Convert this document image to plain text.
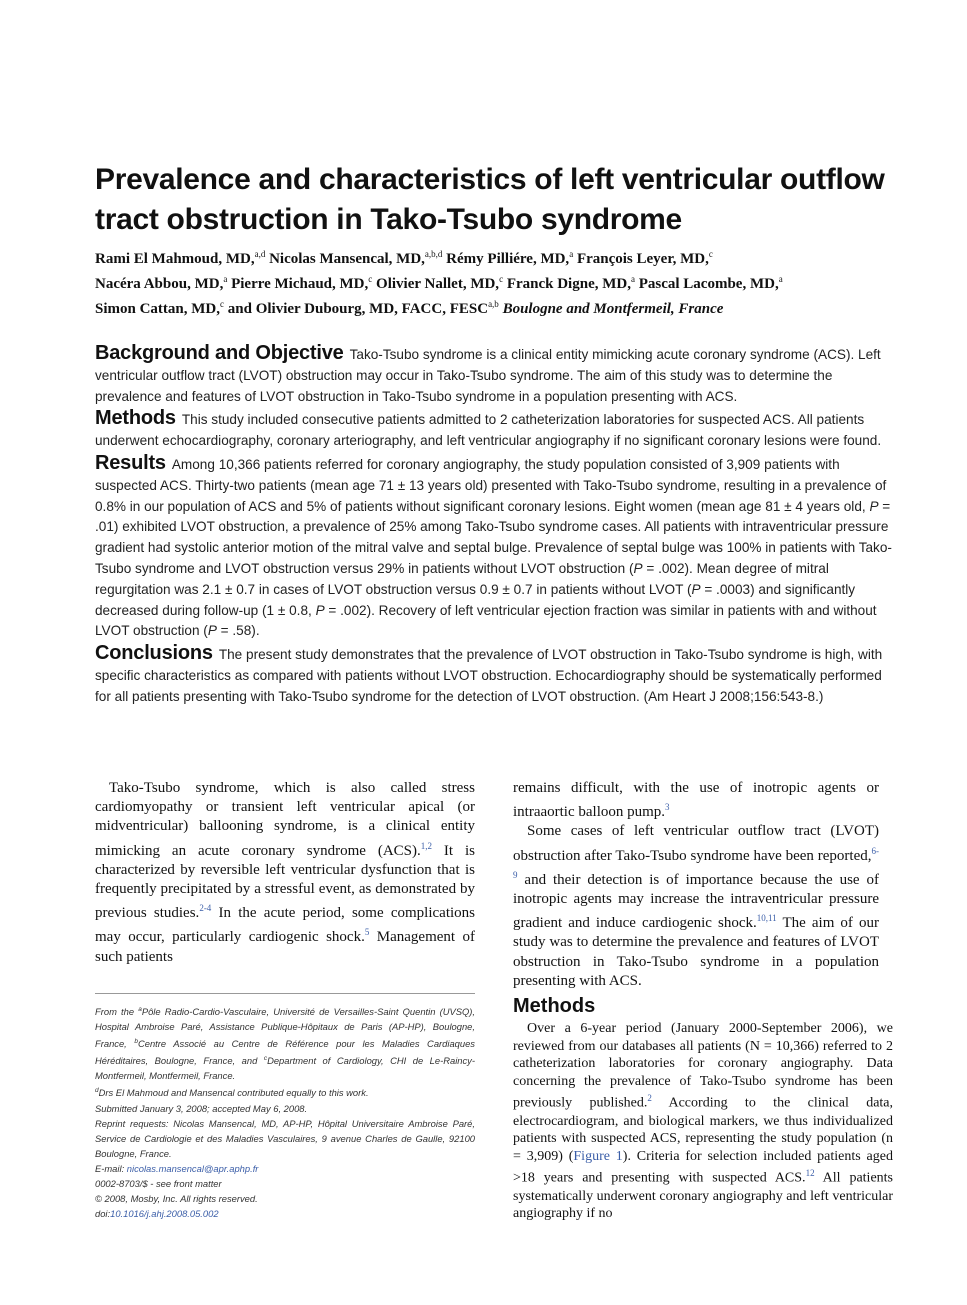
Prevalence and characteristics of left ventricular outflow tract obstruction in Tako-Tsubo syndrome
Rami El Mahmoud, MD,$^{a,d}$ Nicolas Mansencal, MD,$^{a,b,d}$ Rémy Pilliére, MD,$^a$ François Leyer, MD,$^c$
Nacéra Abbou, MD,$^a$ Pierre Michaud, MD,$^c$ Olivier Nallet, MD,$^c$ Franck Digne, MD,$^a$ Pascal Lacombe, MD,$^a$
Simon Cattan, MD,$^c$ and Olivier Dubourg, MD, FACC, FESC$^{a,b}$ Boulogne and Montfermeil, France

Background and Objective Tako-Tsubo syndrome is a clinical entity mimicking acute coronary syndrome (ACS). Left ventricular outflow tract (LVOT) obstruction may occur in Tako-Tsubo syndrome. The aim of this study was to determine the prevalence and features of LVOT obstruction in Tako-Tsubo syndrome in a population presenting with ACS.

Methods This study included consecutive patients admitted to 2 catheterization laboratories for suspected ACS. All patients underwent echocardiography, coronary arteriography, and left ventricular angiography if no significant coronary lesions were found.

Results Among 10,366 patients referred for coronary angiography, the study population consisted of 3,909 patients with suspected ACS. Thirty-two patients (mean age 71 ± 13 years old) presented with Tako-Tsubo syndrome, resulting in a prevalence of 0.8% in our population of ACS and 5% of patients without significant coronary lesions. Eight women (mean age 81 ± 4 years old, P = .01) exhibited LVOT obstruction, a prevalence of 25% among Tako-Tsubo syndrome cases. All patients with intraventricular pressure gradient had systolic anterior motion of the mitral valve and septal bulge. Prevalence of septal bulge was 100% in patients with Tako-Tsubo syndrome and LVOT obstruction versus 29% in patients without LVOT obstruction (P = .002). Mean degree of mitral regurgitation was 2.1 ± 0.7 in cases of LVOT obstruction versus 0.9 ± 0.7 in patients without LVOT (P = .0003) and significantly decreased during follow-up (1 ± 0.8, P = .002). Recovery of left ventricular ejection fraction was similar in patients with and without LVOT obstruction (P = .58).

Conclusions The present study demonstrates that the prevalence of LVOT obstruction in Tako-Tsubo syndrome is high, with specific characteristics as compared with patients without LVOT obstruction. Echocardiography should be systematically performed for all patients presenting with Tako-Tsubo syndrome for the detection of LVOT obstruction. (Am Heart J 2008;156:543-8.)

Tako-Tsubo syndrome, which is also called stress cardiomyopathy or transient left ventricular apical (or midventricular) ballooning syndrome, is a clinical entity mimicking an acute coronary syndrome (ACS).$^{1,2}$ It is characterized by reversible left ventricular dysfunction that is frequently precipitated by a stressful event, as demonstrated by previous studies.$^{2-4}$ In the acute period, some complications may occur, particularly cardiogenic shock.$^5$ Management of such patients

remains difficult, with the use of inotropic agents or intraaortic balloon pump.$^3$

Some cases of left ventricular outflow tract (LVOT) obstruction after Tako-Tsubo syndrome have been reported,$^{6-9}$ and their detection is of importance because the use of inotropic agents may increase the intraventricular pressure gradient and induce cardiogenic shock.$^{10,11}$ The aim of our study was to determine the prevalence and features of LVOT obstruction in Tako-Tsubo syndrome in a population presenting with ACS.

Methods

Over a 6-year period (January 2000-September 2006), we reviewed from our databases all patients (N = 10,366) referred to 2 catheterization laboratories for coronary angiography. Data concerning the prevalence of Tako-Tsubo syndrome has been previously published.$^2$ According to the clinical data, electrocardiogram, and biological markers, we thus individualized patients with suspected ACS, representing the study population (n = 3,909) (Figure 1). Criteria for selection included patients aged >18 years and presenting with suspected ACS.$^{12}$ All patients systematically underwent coronary angiography and left ventricular angiography if no

From the $^a$Pôle Radio-Cardio-Vasculaire, Université de Versailles-Saint Quentin (UVSQ), Hospital Ambroise Paré, Assistance Publique-Hôpitaux de Paris (AP-HP), Boulogne, France, $^b$Centre Associé au Centre de Référence pour les Maladies Cardiaques Héréditaires, Boulogne, France, and $^c$Department of Cardiology, CHI de Le-Raincy-Montfermeil, Montfermeil, France.
$^d$Drs El Mahmoud and Mansencal contributed equally to this work.
Submitted January 3, 2008; accepted May 6, 2008.
Reprint requests: Nicolas Mansencal, MD, AP-HP, Hôpital Universitaire Ambroise Paré, Service de Cardiologie et des Maladies Vasculaires, 9 avenue Charles de Gaulle, 92100 Boulogne, France.
E-mail: nicolas.mansencal@apr.aphp.fr
0002-8703/$ - see front matter
© 2008, Mosby, Inc. All rights reserved.
doi:10.1016/j.ahj.2008.05.002
